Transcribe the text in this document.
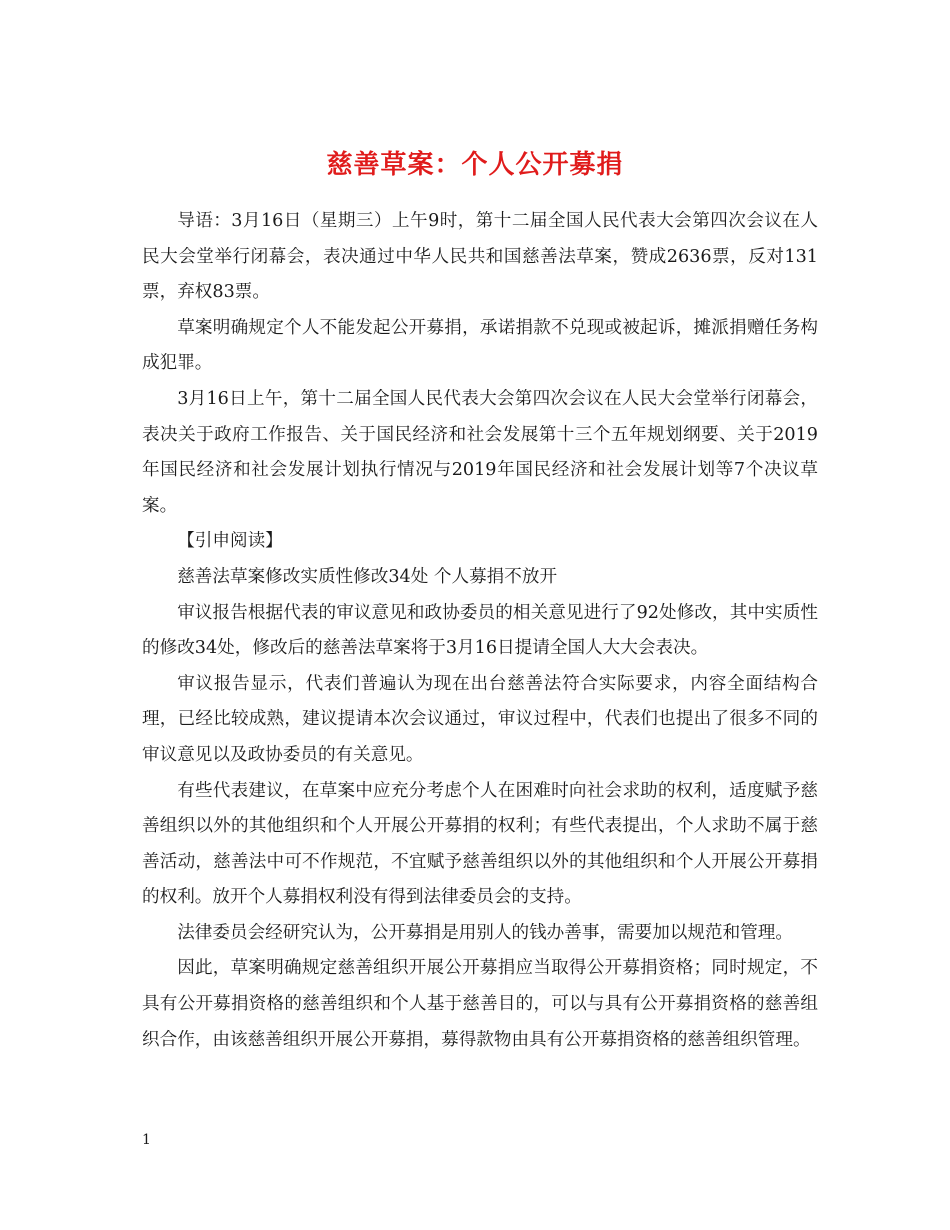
慈善草案：个人公开募捐

导语：3月16日（星期三）上午9时，第十二届全国人民代表大会第四次会议在人民大会堂举行闭幕会，表决通过中华人民共和国慈善法草案，赞成2636票，反对131票，弃权83票。

草案明确规定个人不能发起公开募捐，承诺捐款不兑现或被起诉，摊派捐赠任务构成犯罪。

3月16日上午，第十二届全国人民代表大会第四次会议在人民大会堂举行闭幕会，表决关于政府工作报告、关于国民经济和社会发展第十三个五年规划纲要、关于2019年国民经济和社会发展计划执行情况与2019年国民经济和社会发展计划等7个决议草案。

【引申阅读】

慈善法草案修改实质性修改34处 个人募捐不放开

审议报告根据代表的审议意见和政协委员的相关意见进行了92处修改，其中实质性的修改34处，修改后的慈善法草案将于3月16日提请全国人大大会表决。

审议报告显示，代表们普遍认为现在出台慈善法符合实际要求，内容全面结构合理，已经比较成熟，建议提请本次会议通过，审议过程中，代表们也提出了很多不同的审议意见以及政协委员的有关意见。

有些代表建议，在草案中应充分考虑个人在困难时向社会求助的权利，适度赋予慈善组织以外的其他组织和个人开展公开募捐的权利；有些代表提出，个人求助不属于慈善活动，慈善法中可不作规范，不宜赋予慈善组织以外的其他组织和个人开展公开募捐的权利。放开个人募捐权利没有得到法律委员会的支持。

法律委员会经研究认为，公开募捐是用别人的钱办善事，需要加以规范和管理。

因此，草案明确规定慈善组织开展公开募捐应当取得公开募捐资格；同时规定，不具有公开募捐资格的慈善组织和个人基于慈善目的，可以与具有公开募捐资格的慈善组织合作，由该慈善组织开展公开募捐，募得款物由具有公开募捐资格的慈善组织管理。

1
